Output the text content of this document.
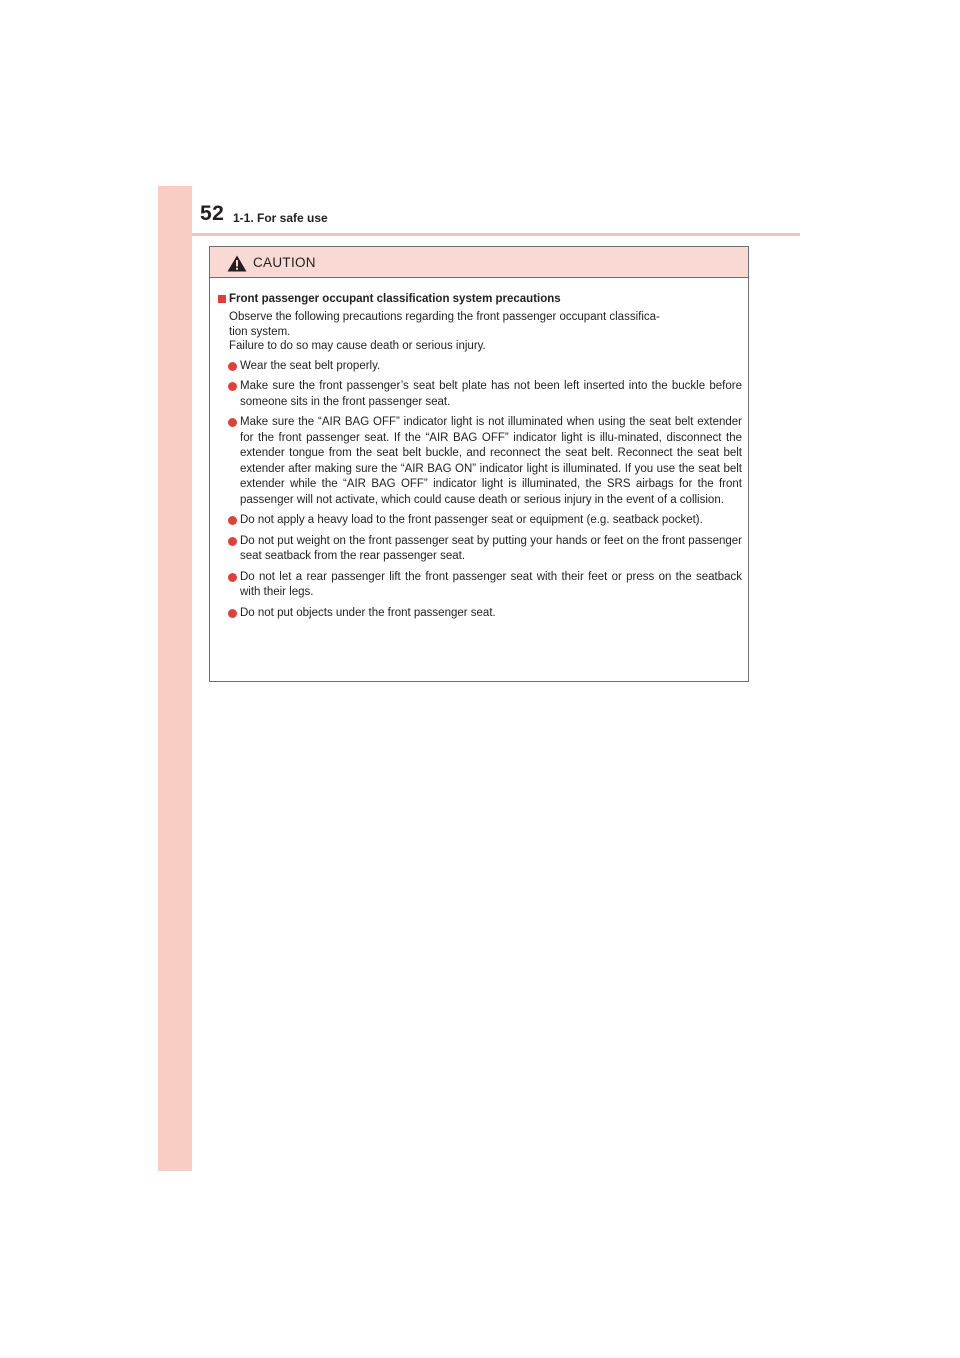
52 1-1. For safe use
CAUTION
Front passenger occupant classification system precautions
Observe the following precautions regarding the front passenger occupant classifica-
tion system.
Failure to do so may cause death or serious injury.
Wear the seat belt properly.
Make sure the front passenger’s seat belt plate has not been left inserted into the buckle before someone sits in the front passenger seat.
Make sure the “AIR BAG OFF” indicator light is not illuminated when using the seat belt extender for the front passenger seat. If the “AIR BAG OFF” indicator light is illu-minated, disconnect the extender tongue from the seat belt buckle, and reconnect the seat belt. Reconnect the seat belt extender after making sure the “AIR BAG ON” indicator light is illuminated. If you use the seat belt extender while the “AIR BAG OFF” indicator light is illuminated, the SRS airbags for the front passenger will not activate, which could cause death or serious injury in the event of a collision.
Do not apply a heavy load to the front passenger seat or equipment (e.g. seatback pocket).
Do not put weight on the front passenger seat by putting your hands or feet on the front passenger seat seatback from the rear passenger seat.
Do not let a rear passenger lift the front passenger seat with their feet or press on the seatback with their legs.
Do not put objects under the front passenger seat.
